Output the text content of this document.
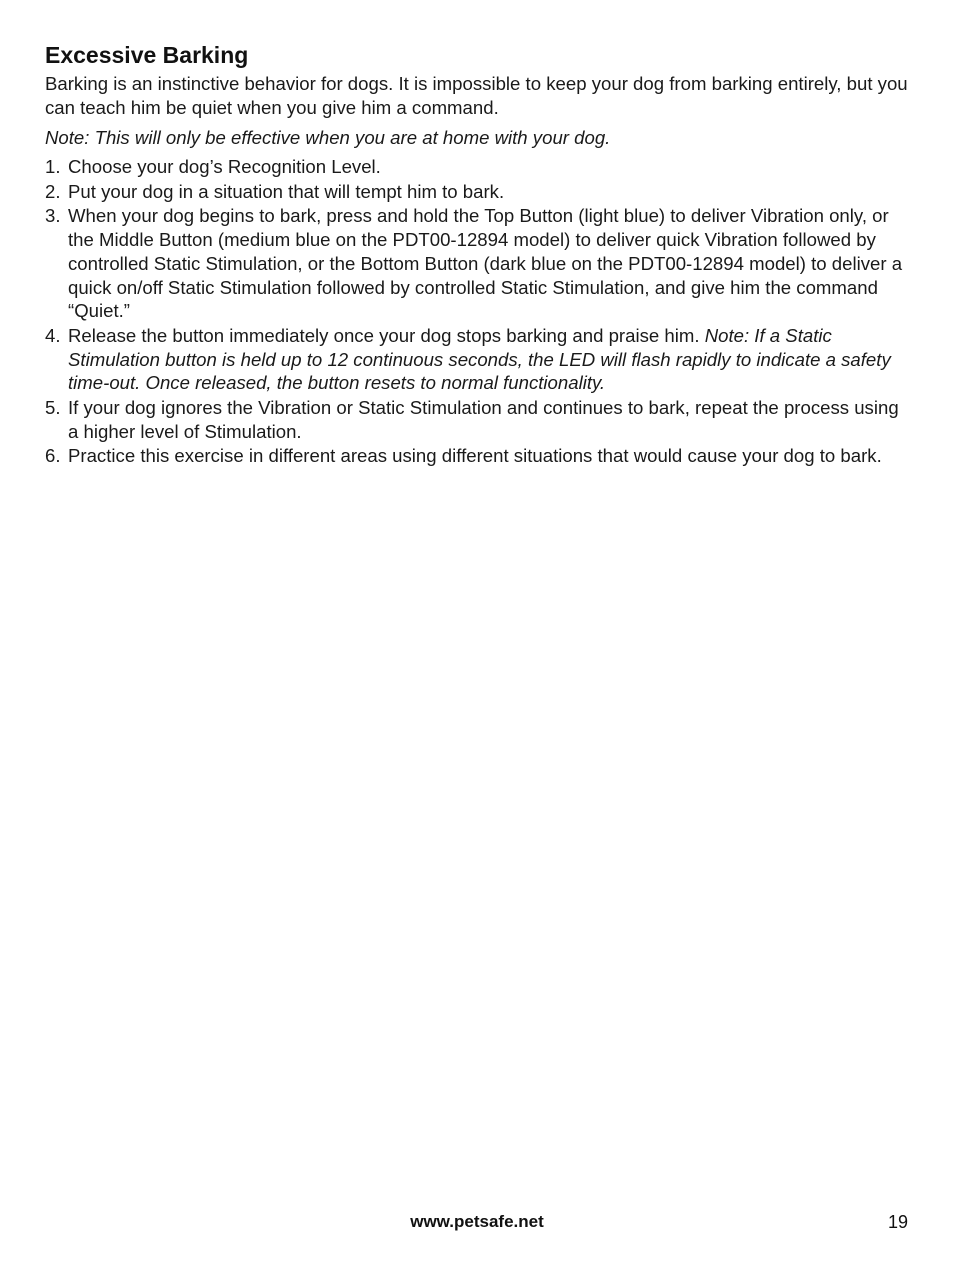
Excessive Barking

Barking is an instinctive behavior for dogs. It is impossible to keep your dog from barking entirely, but you can teach him be quiet when you give him a command.

Note: This will only be effective when you are at home with your dog.

1. Choose your dog’s Recognition Level.
2. Put your dog in a situation that will tempt him to bark.
3. When your dog begins to bark, press and hold the Top Button (light blue) to deliver Vibration only, or the Middle Button (medium blue on the PDT00-12894 model) to deliver quick Vibration followed by controlled Static Stimulation, or the Bottom Button (dark blue on the PDT00-12894 model) to deliver a quick on/off Static Stimulation followed by controlled Static Stimulation, and give him the command “Quiet.”
4. Release the button immediately once your dog stops barking and praise him. Note: If a Static Stimulation button is held up to 12 continuous seconds, the LED will flash rapidly to indicate a safety time-out. Once released, the button resets to normal functionality.
5. If your dog ignores the Vibration or Static Stimulation and continues to bark, repeat the process using a higher level of Stimulation.
6. Practice this exercise in different areas using different situations that would cause your dog to bark.
www.petsafe.net	19
